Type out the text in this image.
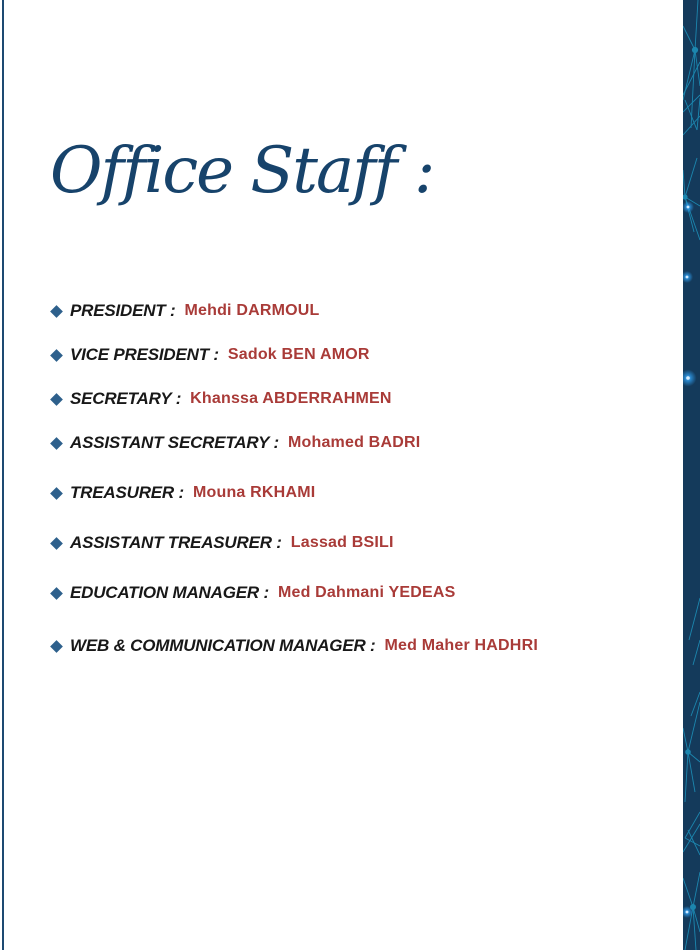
Office Staff :
PRESIDENT : Mehdi DARMOUL
VICE PRESIDENT : Sadok BEN AMOR
SECRETARY : Khanssa ABDERRAHMEN
ASSISTANT SECRETARY : Mohamed BADRI
TREASURER : Mouna RKHAMI
ASSISTANT TREASURER : Lassad BSILI
EDUCATION MANAGER : Med Dahmani YEDEAS
WEB & COMMUNICATION MANAGER : Med Maher HADHRI
